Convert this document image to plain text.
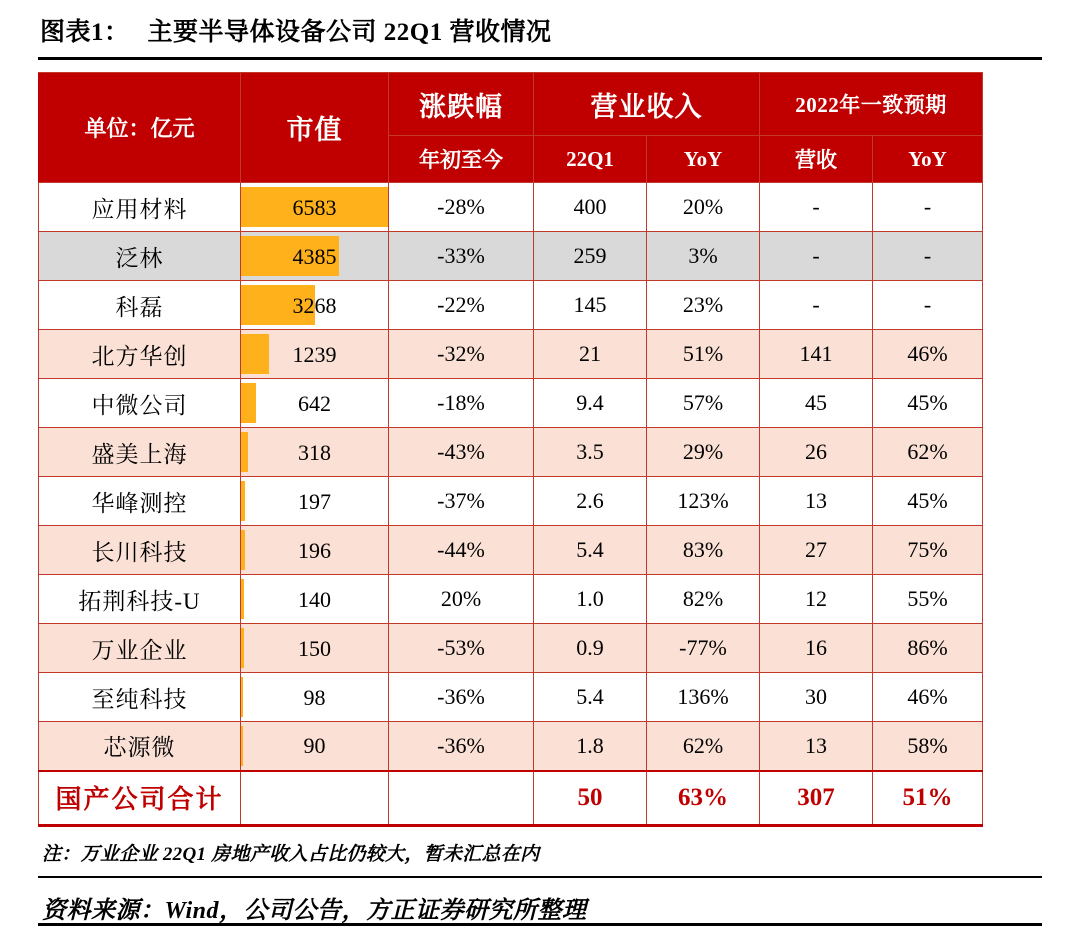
图表1： 主要半导体设备公司 22Q1 营收情况
单位：亿元	市值	涨跌幅	营业收入		2022年一致预期	
		年初至今	22Q1	YoY	营收	YoY
应用材料	6583	-28%	400	20%	-	-
泛林	4385	-33%	259	3%	-	-
科磊	3268	-22%	145	23%	-	-
北方华创	1239	-32%	21	51%	141	46%
中微公司	642	-18%	9.4	57%	45	45%
盛美上海	318	-43%	3.5	29%	26	62%
华峰测控	197	-37%	2.6	123%	13	45%
长川科技	196	-44%	5.4	83%	27	75%
拓荆科技-U	140	20%	1.0	82%	12	55%
万业企业	150	-53%	0.9	-77%	16	86%
至纯科技	98	-36%	5.4	136%	30	46%
芯源微	90	-36%	1.8	62%	13	58%
国产公司合计			50	63%	307	51%
注：万业企业 22Q1 房地产收入占比仍较大，暂未汇总在内
资料来源：Wind，公司公告，方正证券研究所整理
